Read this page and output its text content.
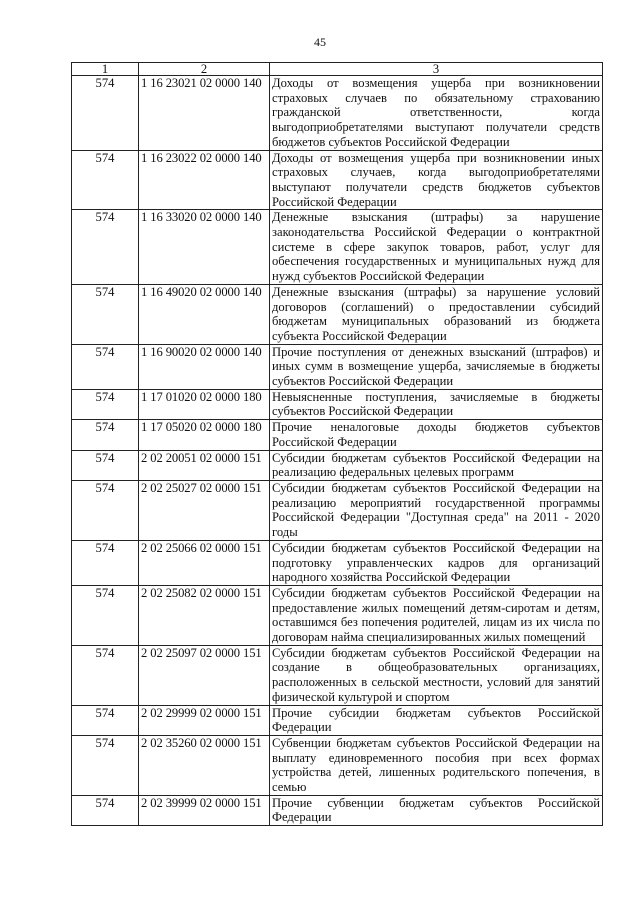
45
1	2	3
574	1 16 23021 02 0000 140	Доходы от возмещения ущерба при возникновении страховых случаев по обязательному страхованию гражданской ответственности, когда выгодоприобретателями выступают получатели средств бюджетов субъектов Российской Федерации
574	1 16 23022 02 0000 140	Доходы от возмещения ущерба при возникновении иных страховых случаев, когда выгодоприобретателями выступают получатели средств бюджетов субъектов Российской Федерации
574	1 16 33020 02 0000 140	Денежные взыскания (штрафы) за нарушение законодательства Российской Федерации о контрактной системе в сфере закупок товаров, работ, услуг для обеспечения государственных и муниципальных нужд для нужд субъектов Российской Федерации
574	1 16 49020 02 0000 140	Денежные взыскания (штрафы) за нарушение условий договоров (соглашений) о предоставлении субсидий бюджетам муниципальных образований из бюджета субъекта Российской Федерации
574	1 16 90020 02 0000 140	Прочие поступления от денежных взысканий (штрафов) и иных сумм в возмещение ущерба, зачисляемые в бюджеты субъектов Российской Федерации
574	1 17 01020 02 0000 180	Невыясненные поступления, зачисляемые в бюджеты субъектов Российской Федерации
574	1 17 05020 02 0000 180	Прочие неналоговые доходы бюджетов субъектов Российской Федерации
574	2 02 20051 02 0000 151	Субсидии бюджетам субъектов Российской Федерации на реализацию федеральных целевых программ
574	2 02 25027 02 0000 151	Субсидии бюджетам субъектов Российской Федерации на реализацию мероприятий государственной программы Российской Федерации "Доступная среда" на 2011 - 2020 годы
574	2 02 25066 02 0000 151	Субсидии бюджетам субъектов Российской Федерации на подготовку управленческих кадров для организаций народного хозяйства Российской Федерации
574	2 02 25082 02 0000 151	Субсидии бюджетам субъектов Российской Федерации на предоставление жилых помещений детям-сиротам и детям, оставшимся без попечения родителей, лицам из их числа по договорам найма специализированных жилых помещений
574	2 02 25097 02 0000 151	Субсидии бюджетам субъектов Российской Федерации на создание в общеобразовательных организациях, расположенных в сельской местности, условий для занятий физической культурой и спортом
574	2 02 29999 02 0000 151	Прочие субсидии бюджетам субъектов Российской Федерации
574	2 02 35260 02 0000 151	Субвенции бюджетам субъектов Российской Федерации на выплату единовременного пособия при всех формах устройства детей, лишенных родительского попечения, в семью
574	2 02 39999 02 0000 151	Прочие субвенции бюджетам субъектов Российской Федерации
